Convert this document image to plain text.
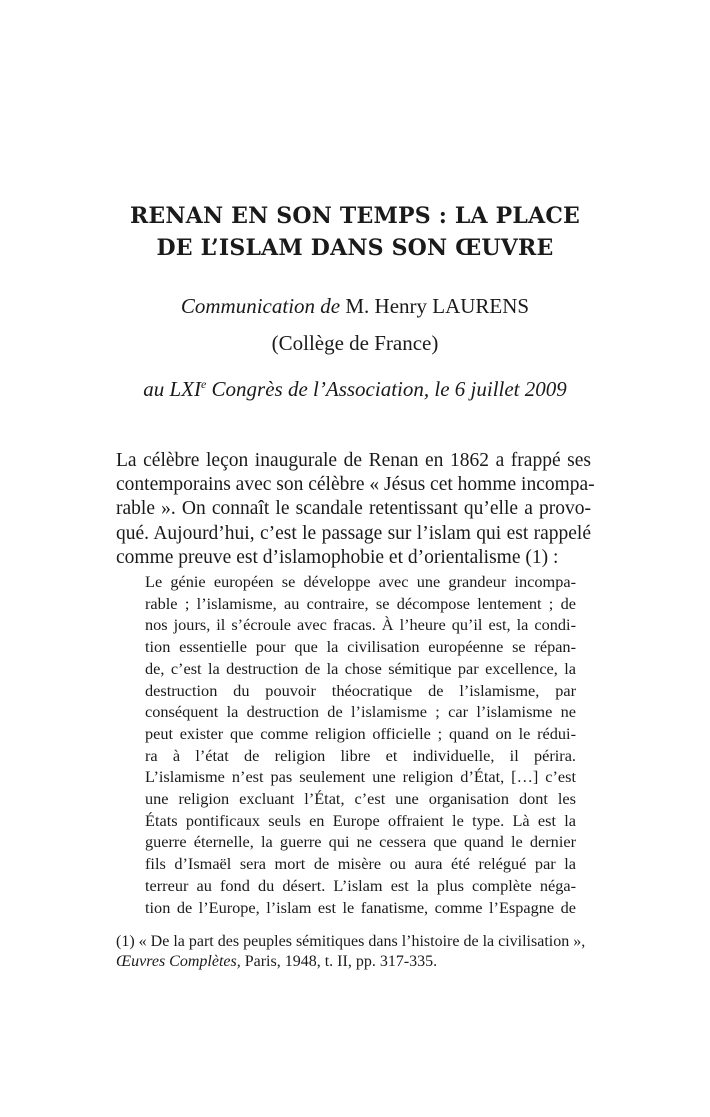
RENAN EN SON TEMPS : LA PLACE
DE L’ISLAM DANS SON ŒUVRE

Communication de M. Henry LAURENS

(Collège de France)

au LXIe Congrès de l’Association, le 6 juillet 2009

La célèbre leçon inaugurale de Renan en 1862 a frappé ses
contemporains avec son célèbre « Jésus cet homme incompa-
rable ». On connaît le scandale retentissant qu’elle a provo-
qué. Aujourd’hui, c’est le passage sur l’islam qui est rappelé
comme preuve est d’islamophobie et d’orientalisme (1) :
Le génie européen se développe avec une grandeur incompa-
rable ; l’islamisme, au contraire, se décompose lentement ; de
nos jours, il s’écroule avec fracas. À l’heure qu’il est, la condi-
tion essentielle pour que la civilisation européenne se répan-
de, c’est la destruction de la chose sémitique par excellence, la
destruction du pouvoir théocratique de l’islamisme, par
conséquent la destruction de l’islamisme ; car l’islamisme ne
peut exister que comme religion officielle ; quand on le rédui-
ra à l’état de religion libre et individuelle, il périra.
L’islamisme n’est pas seulement une religion d’État, […] c’est
une religion excluant l’État, c’est une organisation dont les
États pontificaux seuls en Europe offraient le type. Là est la
guerre éternelle, la guerre qui ne cessera que quand le dernier
fils d’Ismaël sera mort de misère ou aura été relégué par la
terreur au fond du désert. L’islam est la plus complète néga-
tion de l’Europe, l’islam est le fanatisme, comme l’Espagne de
(1) « De la part des peuples sémitiques dans l’histoire de la civilisation »,
Œuvres Complètes, Paris, 1948, t. II, pp. 317-335.
